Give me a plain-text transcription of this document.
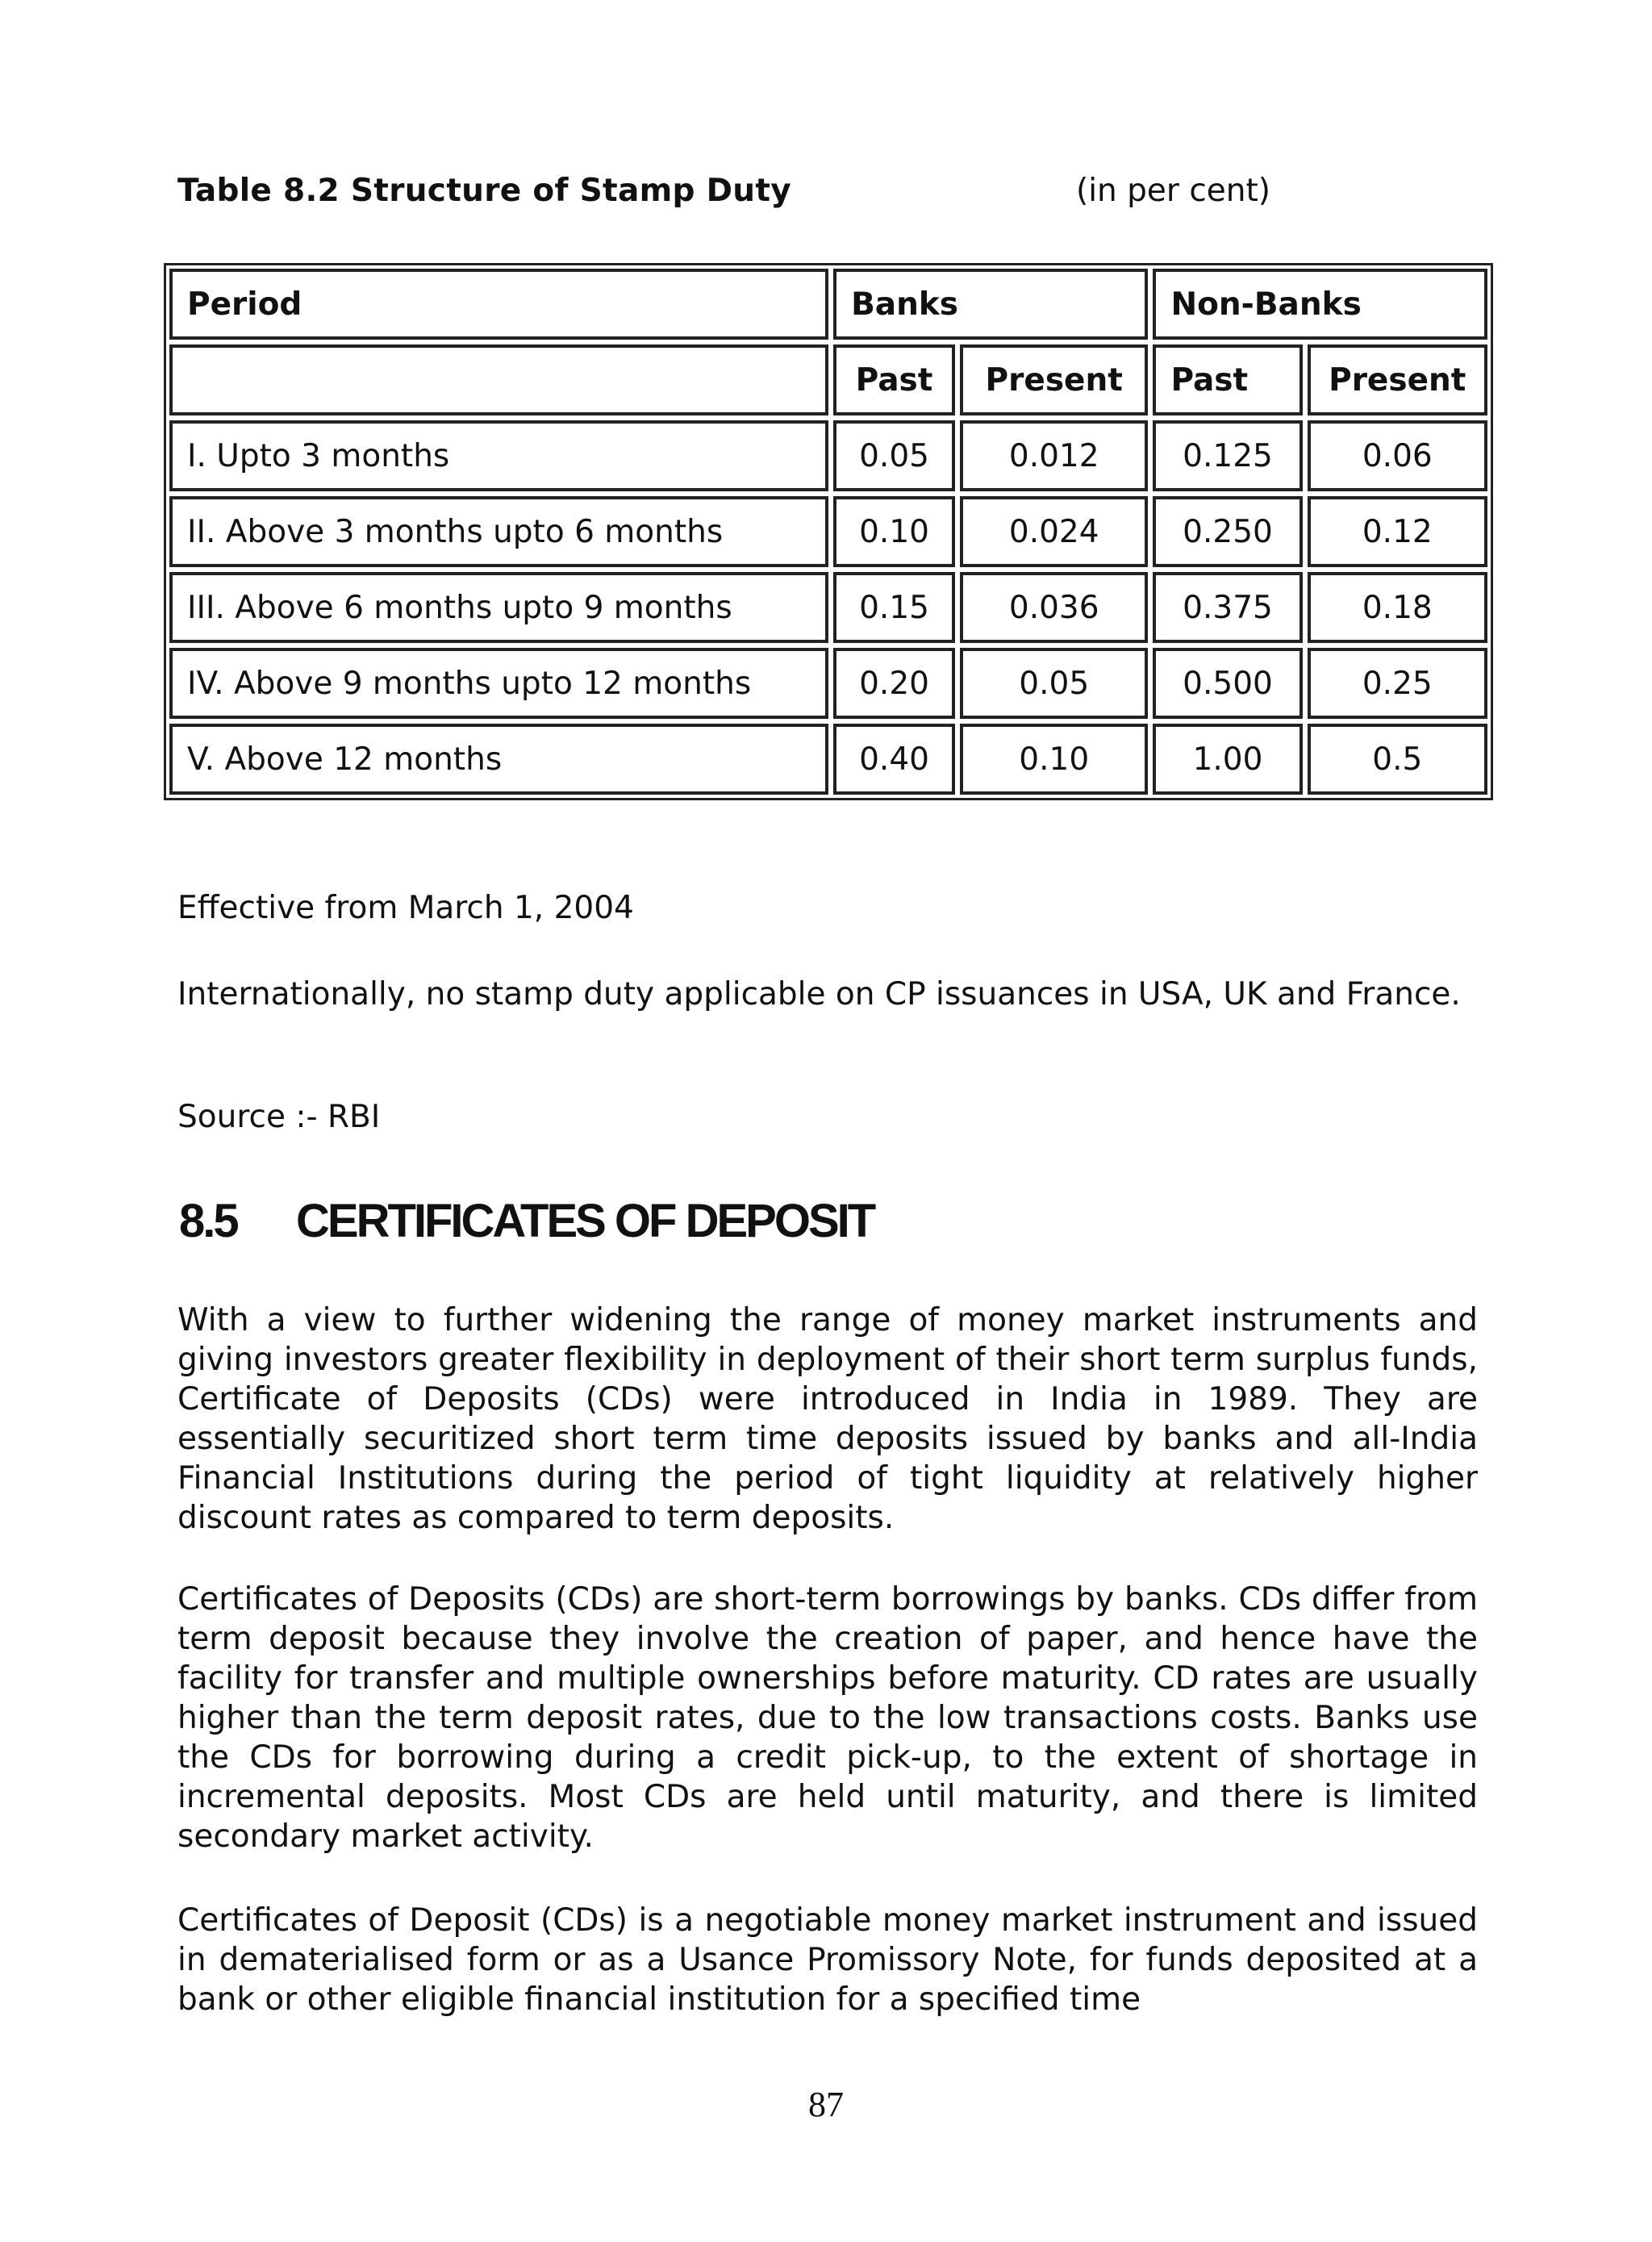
Table 8.2 Structure of Stamp Duty	(in per cent)
Period	Banks		Non-Banks	
	Past	Present	Past	Present
I. Upto 3 months	0.05	0.012	0.125	0.06
II. Above 3 months upto 6 months	0.10	0.024	0.250	0.12
III. Above 6 months upto 9 months	0.15	0.036	0.375	0.18
IV. Above 9 months upto 12 months	0.20	0.05	0.500	0.25
V. Above 12 months	0.40	0.10	1.00	0.5
Effective from March 1, 2004
Internationally, no stamp duty applicable on CP issuances in USA, UK and France.
Source :- RBI
8.5 CERTIFICATES OF DEPOSIT
With a view to further widening the range of money market instruments and giving investors greater flexibility in deployment of their short term surplus funds, Certificate of Deposits (CDs) were introduced in India in 1989. They are essentially securitized short term time deposits issued by banks and all-India Financial Institutions during the period of tight liquidity at relatively higher discount rates as compared to term deposits.
Certificates of Deposits (CDs) are short-term borrowings by banks. CDs differ from term deposit because they involve the creation of paper, and hence have the facility for transfer and multiple ownerships before maturity. CD rates are usually higher than the term deposit rates, due to the low transactions costs. Banks use the CDs for borrowing during a credit pick-up, to the extent of shortage in incremental deposits. Most CDs are held until maturity, and there is limited secondary market activity.
Certificates of Deposit (CDs) is a negotiable money market instrument and issued in dematerialised form or as a Usance Promissory Note, for funds deposited at a bank or other eligible financial institution for a specified time
87
